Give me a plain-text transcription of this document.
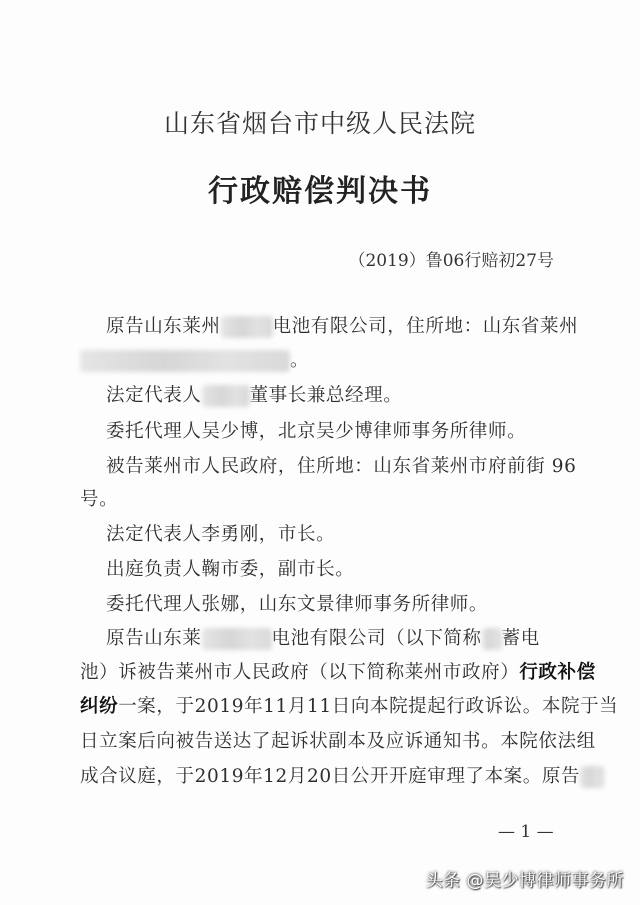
山东省烟台市中级人民法院
行政赔偿判决书
（2019）鲁06行赔初27号
原告山东莱州	电池有限公司，住所地：山东省莱州
。
法定代表人	董事长兼总经理。
委托代理人吴少博，北京吴少博律师事务所律师。
被告莱州市人民政府，住所地：山东省莱州市府前街 96
号。
法定代表人李勇刚，市长。
出庭负责人鞠市委，副市长。
委托代理人张娜，山东文景律师事务所律师。
原告山东莱	电池有限公司（以下简称 蓄电
池）诉被告莱州市人民政府（以下简称莱州市政府）行政补偿
纠纷一案，于2019年11月11日向本院提起行政诉讼。本院于当
日立案后向被告送达了起诉状副本及应诉通知书。本院依法组
成合议庭，于2019年12月20日公开开庭审理了本案。原告
— 1 —
头条 @吴少博律师事务所
